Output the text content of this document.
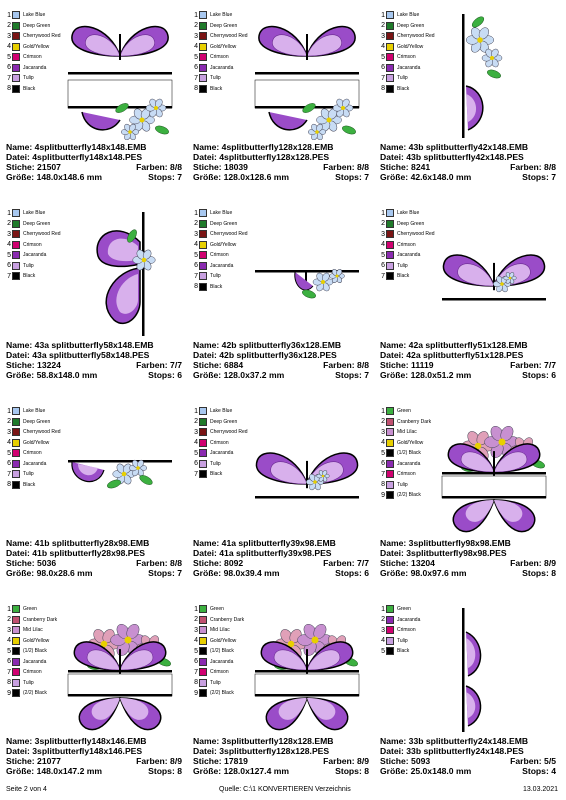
1 Lake Blue
2 Deep Green
3 Cherrywood Red
4 Gold/Yellow
5 Crimson
6 Jacaranda
7 Tulip
8 Black
Name: 4splitbutterfly148x148.EMB
Datei: 4splitbutterfly148x148.PES
Stiche: 21507	Farben: 8/8
Größe: 148.0x148.6 mm	Stops: 7
1 Lake Blue
2 Deep Green
3 Cherrywood Red
4 Gold/Yellow
5 Crimson
6 Jacaranda
7 Tulip
8 Black
Name: 4splitbutterfly128x128.EMB
Datei: 4splitbutterfly128x128.PES
Stiche: 18039	Farben: 8/8
Größe: 128.0x128.6 mm	Stops: 7
1 Lake Blue
2 Deep Green
3 Cherrywood Red
4 Gold/Yellow
5 Crimson
6 Jacaranda
7 Tulip
8 Black
Name: 43b splitbutterfly42x148.EMB
Datei: 43b splitbutterfly42x148.PES
Stiche: 8241	Farben: 8/8
Größe: 42.6x148.0 mm	Stops: 7
1 Lake Blue
2 Deep Green
3 Cherrywood Red
4 Crimson
5 Jacaranda
6 Tulip
7 Black
Name: 43a splitbutterfly58x148.EMB
Datei: 43a splitbutterfly58x148.PES
Stiche: 13224	Farben: 7/7
Größe: 58.8x148.0 mm	Stops: 6
1 Lake Blue
2 Deep Green
3 Cherrywood Red
4 Gold/Yellow
5 Crimson
6 Jacaranda
7 Tulip
8 Black
Name: 42b splitbutterfly36x128.EMB
Datei: 42b splitbutterfly36x128.PES
Stiche: 6884	Farben: 8/8
Größe: 128.0x37.2 mm	Stops: 7
1 Lake Blue
2 Deep Green
3 Cherrywood Red
4 Crimson
5 Jacaranda
6 Tulip
7 Black
Name: 42a splitbutterfly51x128.EMB
Datei: 42a splitbutterfly51x128.PES
Stiche: 11119	Farben: 7/7
Größe: 128.0x51.2 mm	Stops: 6
1 Lake Blue
2 Deep Green
3 Cherrywood Red
4 Gold/Yellow
5 Crimson
6 Jacaranda
7 Tulip
8 Black
Name: 41b splitbutterfly28x98.EMB
Datei: 41b splitbutterfly28x98.PES
Stiche: 5036	Farben: 8/8
Größe: 98.0x28.6 mm	Stops: 7
1 Lake Blue
2 Deep Green
3 Cherrywood Red
4 Crimson
5 Jacaranda
6 Tulip
7 Black
Name: 41a splitbutterfly39x98.EMB
Datei: 41a splitbutterfly39x98.PES
Stiche: 8092	Farben: 7/7
Größe: 98.0x39.4 mm	Stops: 6
1 Green
2 Cranberry Dark
3 Mid Lilac
4 Gold/Yellow
5 (1/2) Black
6 Jacaranda
7 Crimson
8 Tulip
9 (2/2) Black
Name: 3splitbutterfly98x98.EMB
Datei: 3splitbutterfly98x98.PES
Stiche: 13204	Farben: 8/9
Größe: 98.0x97.6 mm	Stops: 8
1 Green
2 Cranberry Dark
3 Mid Lilac
4 Gold/Yellow
5 (1/2) Black
6 Jacaranda
7 Crimson
8 Tulip
9 (2/2) Black
Name: 3splitbutterfly148x146.EMB
Datei: 3splitbutterfly148x146.PES
Stiche: 21077	Farben: 8/9
Größe: 148.0x147.2 mm	Stops: 8
1 Green
2 Cranberry Dark
3 Mid Lilac
4 Gold/Yellow
5 (1/2) Black
6 Jacaranda
7 Crimson
8 Tulip
9 (2/2) Black
Name: 3splitbutterfly128x128.EMB
Datei: 3splitbutterfly128x128.PES
Stiche: 17819	Farben: 8/9
Größe: 128.0x127.4 mm	Stops: 8
1 Green
2 Jacaranda
3 Crimson
4 Tulip
5 Black
Name: 33b splitbutterfly24x148.EMB
Datei: 33b splitbutterfly24x148.PES
Stiche: 5093	Farben: 5/5
Größe: 25.0x148.0 mm	Stops: 4
Seite 2 von 4	Quelle: C:\1 KONVERTIEREN Verzeichnis	13.03.2021
